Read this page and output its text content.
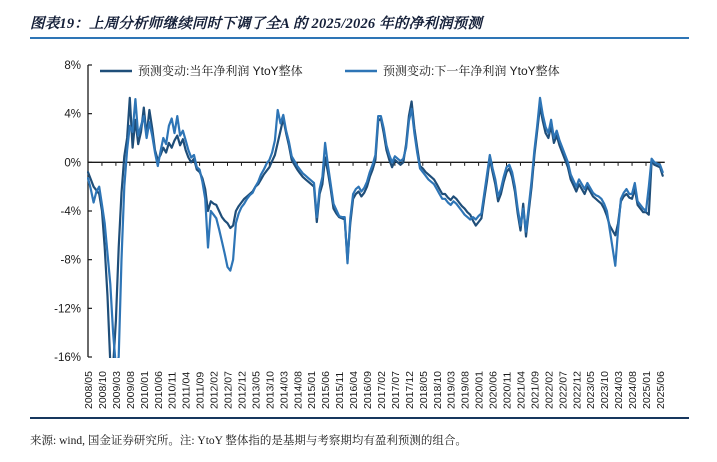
图表19：上周分析师继续同时下调了全A 的 2025/2026 年的净利润预测
8%
4%
0%
-4%
-8%
-12%
-16%
2008/05 2008/10 2009/03 2009/08 2010/01 2010/06 2010/11 2011/04 2011/09 2012/02 2012/07 2012/12 2013/05 2013/10 2014/03 2014/08 2015/01 2015/06 2015/11 2016/04 2016/09 2017/02 2017/07 2017/12 2018/05 2018/10 2019/03 2019/08 2020/01 2020/06 2020/11 2021/04 2021/09 2022/02 2022/07 2022/12 2023/05 2023/10 2024/03 2024/08 2025/01 2025/06
预测变动:当年净利润 YtoY整体	预测变动:下一年净利润 YtoY整体
来源: wind, 国金证券研究所。注: YtoY 整体指的是基期与考察期均有盈利预测的组合。
